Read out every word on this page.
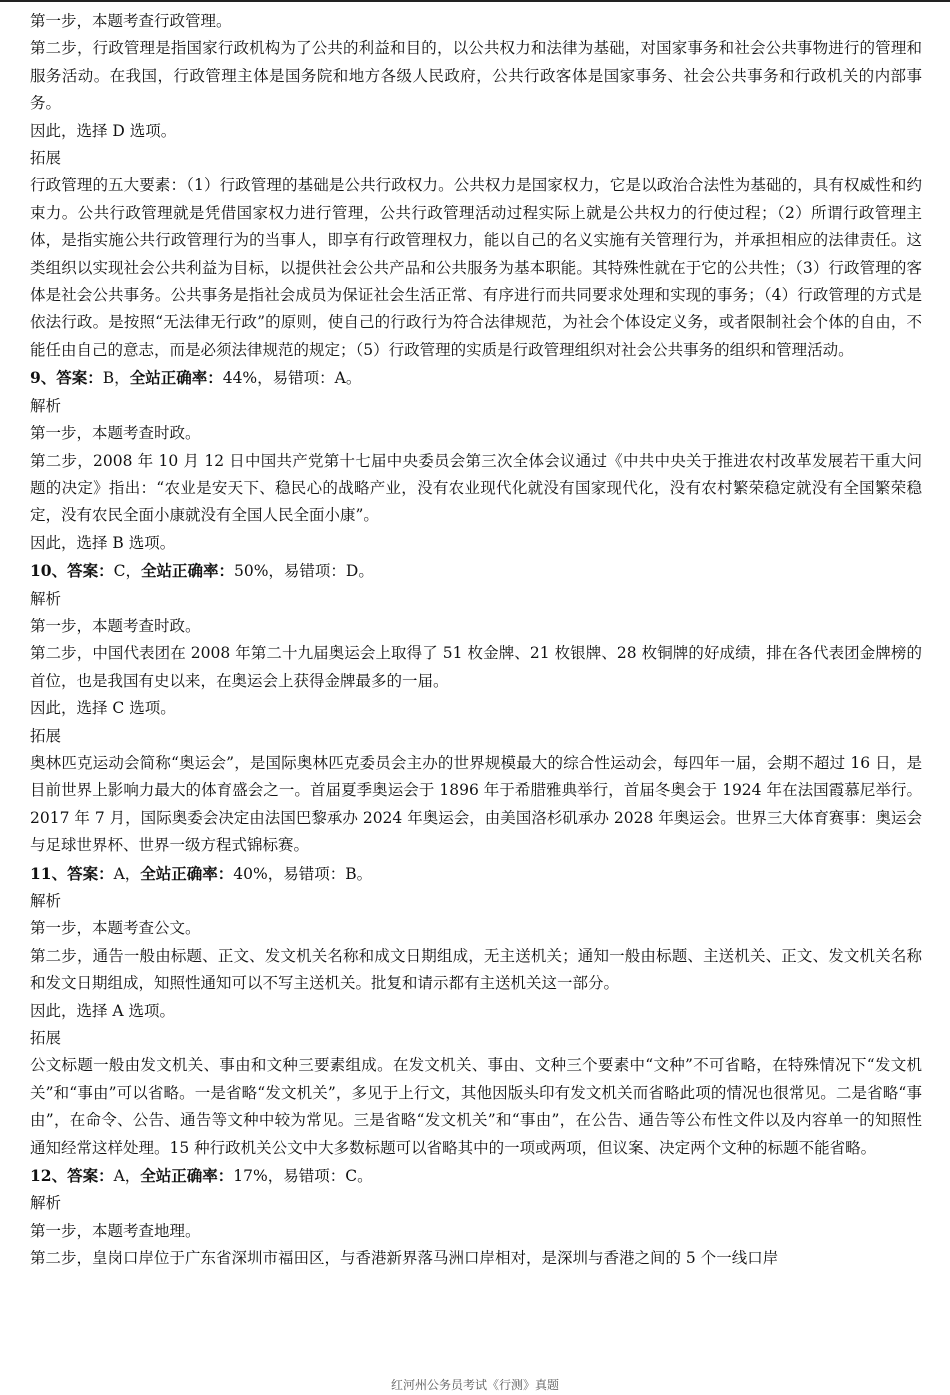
第一步，本题考查行政管理。

第二步，行政管理是指国家行政机构为了公共的利益和目的，以公共权力和法律为基础，对国家事务和社会公共事物进行的管理和服务活动。在我国，行政管理主体是国务院和地方各级人民政府，公共行政客体是国家事务、社会公共事务和行政机关的内部事务。

因此，选择 D 选项。

拓展

行政管理的五大要素：（1）行政管理的基础是公共行政权力。公共权力是国家权力，它是以政治合法性为基础的，具有权威性和约束力。公共行政管理就是凭借国家权力进行管理，公共行政管理活动过程实际上就是公共权力的行使过程；（2）所谓行政管理主体，是指实施公共行政管理行为的当事人，即享有行政管理权力，能以自己的名义实施有关管理行为，并承担相应的法律责任。这类组织以实现社会公共利益为目标，以提供社会公共产品和公共服务为基本职能。其特殊性就在于它的公共性；（3）行政管理的客体是社会公共事务。公共事务是指社会成员为保证社会生活正常、有序进行而共同要求处理和实现的事务；（4）行政管理的方式是依法行政。是按照“无法律无行政”的原则，使自己的行政行为符合法律规范，为社会个体设定义务，或者限制社会个体的自由，不能任由自己的意志，而是必须法律规范的规定；（5）行政管理的实质是行政管理组织对社会公共事务的组织和管理活动。

9、答案：B，全站正确率：44%，易错项：A。

解析

第一步，本题考查时政。

第二步，2008 年 10 月 12 日中国共产党第十七届中央委员会第三次全体会议通过《中共中央关于推进农村改革发展若干重大问题的决定》指出：“农业是安天下、稳民心的战略产业，没有农业现代化就没有国家现代化，没有农村繁荣稳定就没有全国繁荣稳定，没有农民全面小康就没有全国人民全面小康”。

因此，选择 B 选项。

10、答案：C，全站正确率：50%，易错项：D。

解析

第一步，本题考查时政。

第二步，中国代表团在 2008 年第二十九届奥运会上取得了 51 枚金牌、21 枚银牌、28 枚铜牌的好成绩，排在各代表团金牌榜的首位，也是我国有史以来，在奥运会上获得金牌最多的一届。

因此，选择 C 选项。

拓展

奥林匹克运动会简称“奥运会”，是国际奥林匹克委员会主办的世界规模最大的综合性运动会，每四年一届，会期不超过 16 日，是目前世界上影响力最大的体育盛会之一。首届夏季奥运会于 1896 年于希腊雅典举行，首届冬奥会于 1924 年在法国霞慕尼举行。2017 年 7 月，国际奥委会决定由法国巴黎承办 2024 年奥运会，由美国洛杉矶承办 2028 年奥运会。世界三大体育赛事：奥运会与足球世界杯、世界一级方程式锦标赛。

11、答案：A，全站正确率：40%，易错项：B。

解析

第一步，本题考查公文。

第二步，通告一般由标题、正文、发文机关名称和成文日期组成，无主送机关；通知一般由标题、主送机关、正文、发文机关名称和发文日期组成，知照性通知可以不写主送机关。批复和请示都有主送机关这一部分。

因此，选择 A 选项。

拓展

公文标题一般由发文机关、事由和文种三要素组成。在发文机关、事由、文种三个要素中“文种”不可省略，在特殊情况下“发文机关”和“事由”可以省略。一是省略“发文机关”，多见于上行文，其他因版头印有发文机关而省略此项的情况也很常见。二是省略“事由”，在命令、公告、通告等文种中较为常见。三是省略“发文机关”和“事由”，在公告、通告等公布性文件以及内容单一的知照性通知经常这样处理。15 种行政机关公文中大多数标题可以省略其中的一项或两项，但议案、决定两个文种的标题不能省略。

12、答案：A，全站正确率：17%，易错项：C。

解析

第一步，本题考查地理。

第二步，皇岗口岸位于广东省深圳市福田区，与香港新界落马洲口岸相对，是深圳与香港之间的 5 个一线口岸

红河州公务员考试《行测》真题
